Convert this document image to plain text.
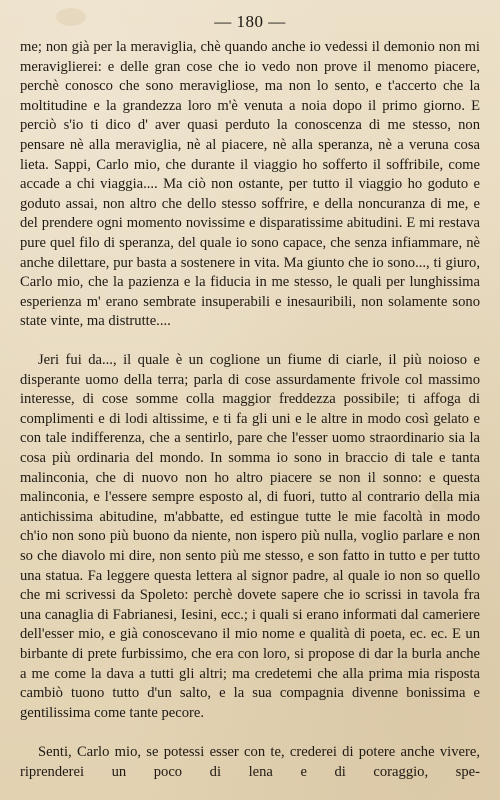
— 180 —

me; non già per la meraviglia, chè quando anche io vedessi il demonio non mi meraviglierei: e delle gran cose che io vedo non prove il menomo piacere, perchè conosco che sono meravigliose, ma non lo sento, e t'accerto che la moltitudine e la grandezza loro m'è venuta a noia dopo il primo giorno. E perciò s'io ti dico d' aver quasi perduto la conoscenza di me stesso, non pensare nè alla meraviglia, nè al piacere, nè alla speranza, nè a veruna cosa lieta. Sappi, Carlo mio, che durante il viaggio ho sofferto il soffribile, come accade a chi viaggia.... Ma ciò non ostante, per tutto il viaggio ho goduto e goduto assai, non altro che dello stesso soffrire, e della noncuranza di me, e del prendere ogni momento novissime e disparatissime abitudini. E mi restava pure quel filo di speranza, del quale io sono capace, che senza infiammare, nè anche dilettare, pur basta a sostenere in vita. Ma giunto che io sono..., ti giuro, Carlo mio, che la pazienza e la fiducia in me stesso, le quali per lunghissima esperienza m' erano sembrate insuperabili e inesauribili, non solamente sono state vinte, ma distrutte....

Jeri fui da..., il quale è un coglione un fiume di ciarle, il più noioso e disperante uomo della terra; parla di cose assurdamente frivole col massimo interesse, di cose somme colla maggior freddezza possibile; ti affoga di complimenti e di lodi altissime, e ti fa gli uni e le altre in modo così gelato e con tale indifferenza, che a sentirlo, pare che l'esser uomo straordinario sia la cosa più ordinaria del mondo. In somma io sono in braccio di tale e tanta malinconia, che di nuovo non ho altro piacere se non il sonno: e questa malinconia, e l'essere sempre esposto al, di fuori, tutto al contrario della mia antichissima abitudine, m'abbatte, ed estingue tutte le mie facoltà in modo ch'io non sono più buono da niente, non ispero più nulla, voglio parlare e non so che diavolo mi dire, non sento più me stesso, e son fatto in tutto e per tutto una statua. Fa leggere questa lettera al signor padre, al quale io non so quello che mi scrivessi da Spoleto: perchè dovete sapere che io scrissi in tavola fra una canaglia di Fabrianesi, Iesini, ecc.; i quali si erano informati dal cameriere dell'esser mio, e già conoscevano il mio nome e qualità di poeta, ec. ec. E un birbante di prete furbissimo, che era con loro, si propose di dar la burla anche a me come la dava a tutti gli altri; ma credetemi che alla prima mia risposta cambiò tuono tutto d'un salto, e la sua compagnia divenne bonissima e gentilissima come tante pecore.

Senti, Carlo mio, se potessi esser con te, crederei di potere anche vivere, riprenderei un poco di lena e di coraggio, spe-
